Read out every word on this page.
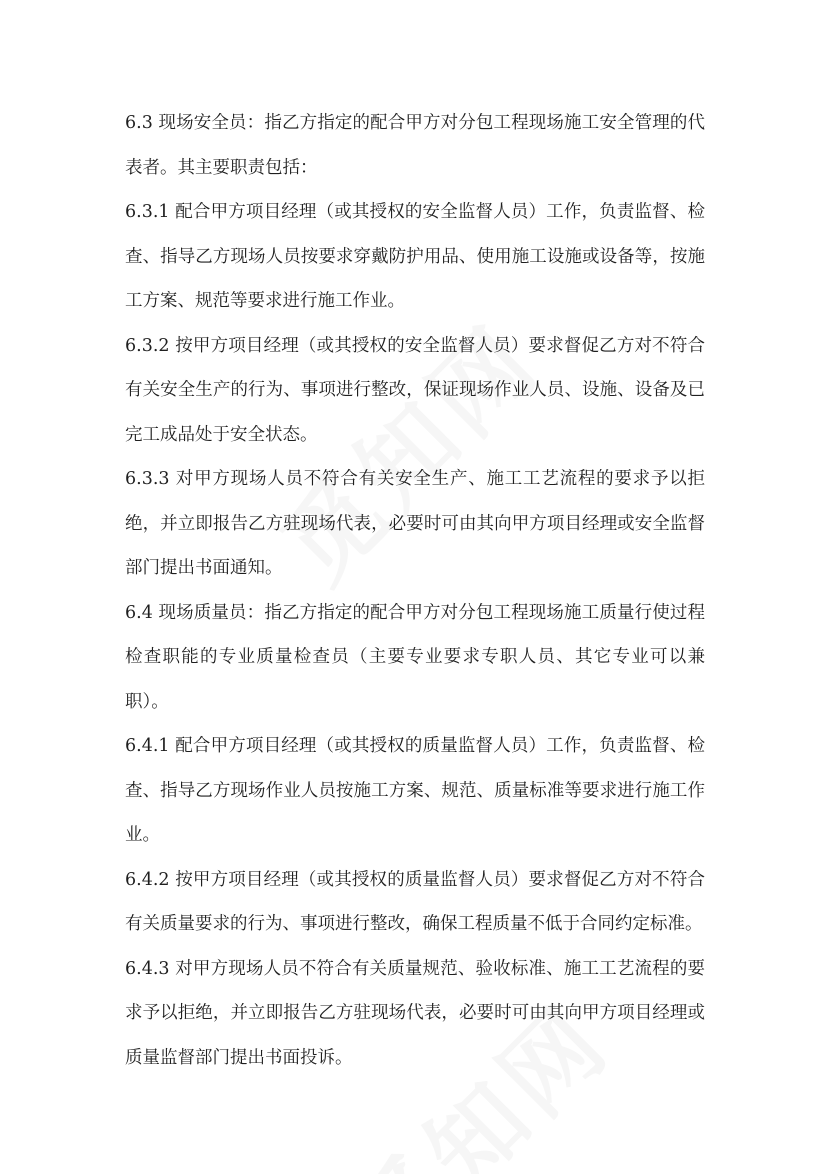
6.3 现场安全员：指乙方指定的配合甲方对分包工程现场施工安全管理的代表者。其主要职责包括：

6.3.1 配合甲方项目经理（或其授权的安全监督人员）工作，负责监督、检查、指导乙方现场人员按要求穿戴防护用品、使用施工设施或设备等，按施工方案、规范等要求进行施工作业。

6.3.2 按甲方项目经理（或其授权的安全监督人员）要求督促乙方对不符合有关安全生产的行为、事项进行整改，保证现场作业人员、设施、设备及已完工成品处于安全状态。

6.3.3 对甲方现场人员不符合有关安全生产、施工工艺流程的要求予以拒绝，并立即报告乙方驻现场代表，必要时可由其向甲方项目经理或安全监督部门提出书面通知。

6.4 现场质量员：指乙方指定的配合甲方对分包工程现场施工质量行使过程检查职能的专业质量检查员（主要专业要求专职人员、其它专业可以兼职）。

6.4.1 配合甲方项目经理（或其授权的质量监督人员）工作，负责监督、检查、指导乙方现场作业人员按施工方案、规范、质量标准等要求进行施工作业。

6.4.2 按甲方项目经理（或其授权的质量监督人员）要求督促乙方对不符合有关质量要求的行为、事项进行整改，确保工程质量不低于合同约定标准。

6.4.3 对甲方现场人员不符合有关质量规范、验收标准、施工工艺流程的要求予以拒绝，并立即报告乙方驻现场代表，必要时可由其向甲方项目经理或质量监督部门提出书面投诉。
